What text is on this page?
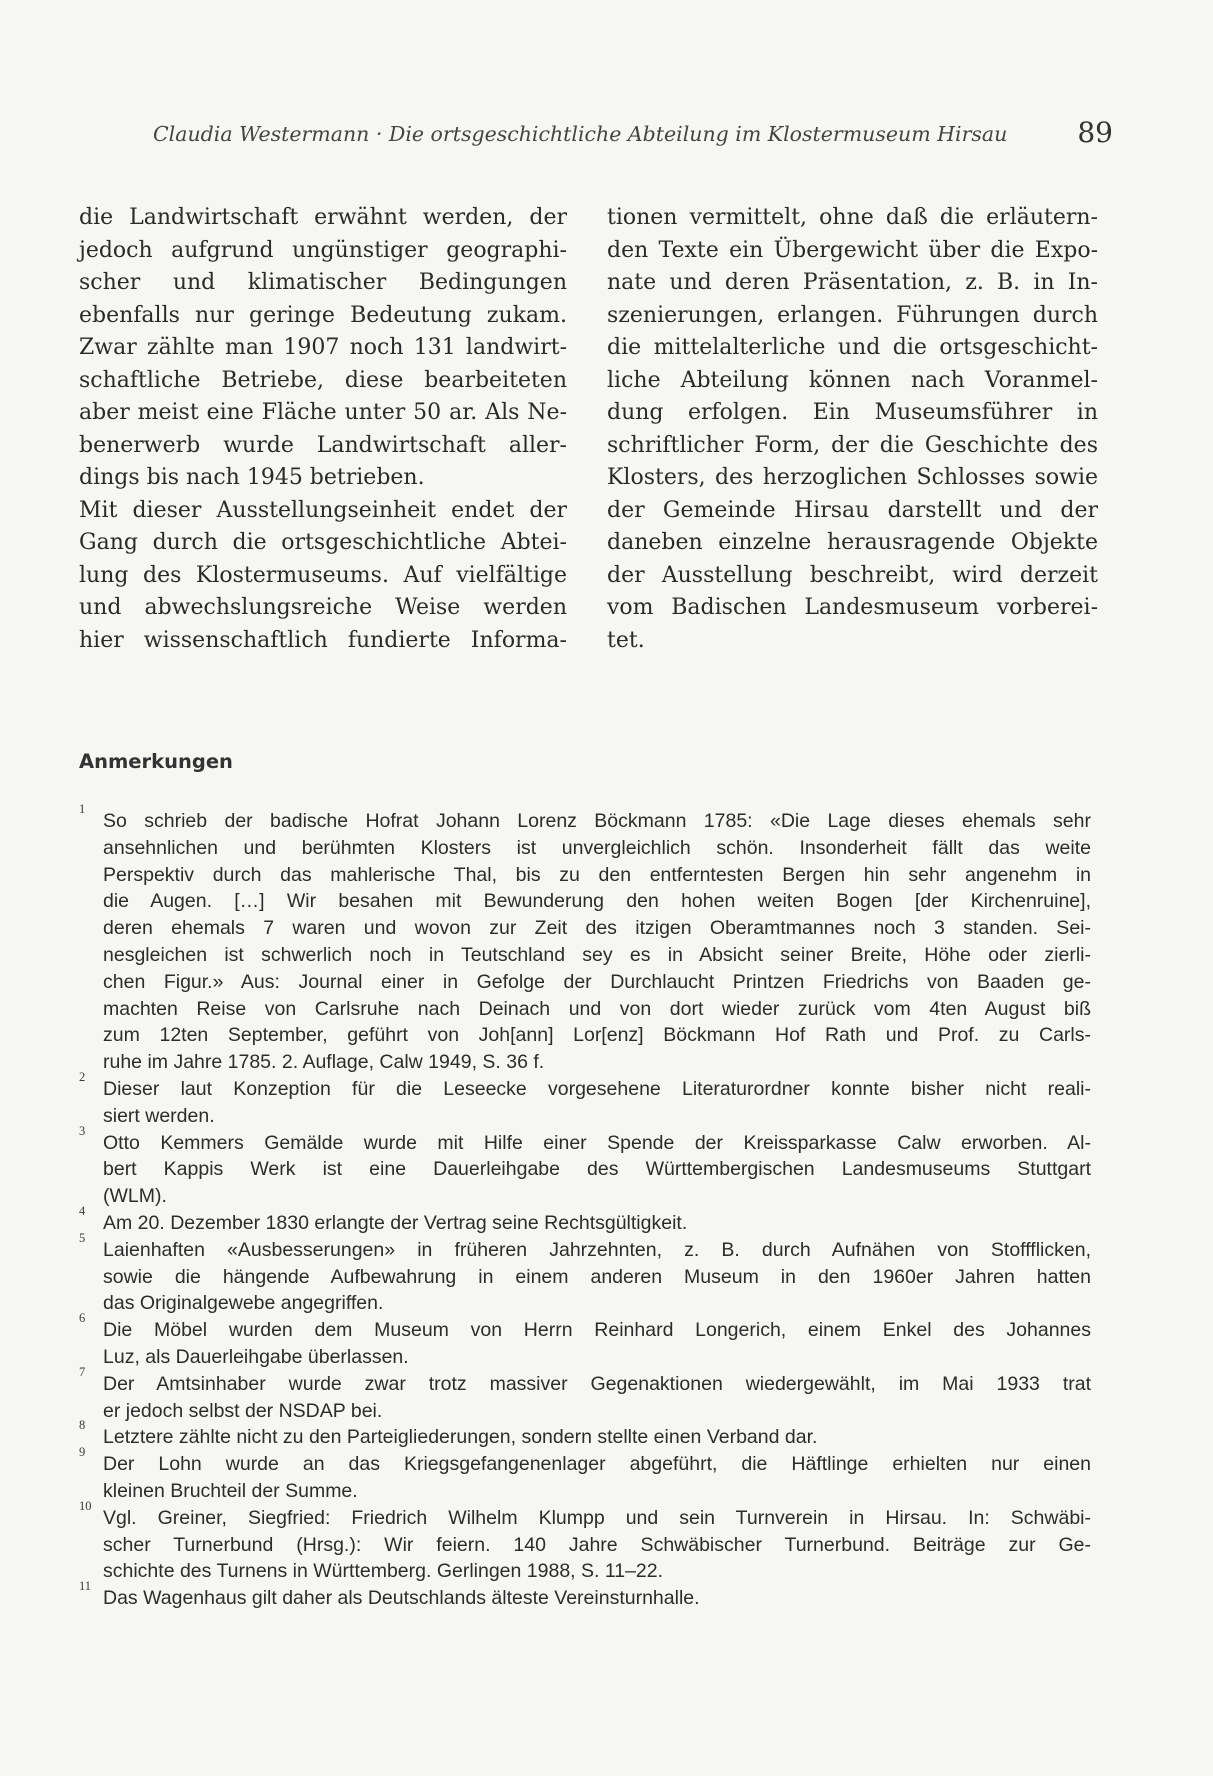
Claudia Westermann · Die ortsgeschichtliche Abteilung im Klostermuseum Hirsau	89
die Landwirtschaft erwähnt werden, der
jedoch aufgrund ungünstiger geographi-
scher und klimatischer Bedingungen
ebenfalls nur geringe Bedeutung zukam.
Zwar zählte man 1907 noch 131 landwirt-
schaftliche Betriebe, diese bearbeiteten
aber meist eine Fläche unter 50 ar. Als Ne-
benerwerb wurde Landwirtschaft aller-
dings bis nach 1945 betrieben.
Mit dieser Ausstellungseinheit endet der
Gang durch die ortsgeschichtliche Abtei-
lung des Klostermuseums. Auf vielfältige
und abwechslungsreiche Weise werden
hier wissenschaftlich fundierte Informa-
tionen vermittelt, ohne daß die erläutern-
den Texte ein Übergewicht über die Expo-
nate und deren Präsentation, z. B. in In-
szenierungen, erlangen. Führungen durch
die mittelalterliche und die ortsgeschicht-
liche Abteilung können nach Voranmel-
dung erfolgen. Ein Museumsführer in
schriftlicher Form, der die Geschichte des
Klosters, des herzoglichen Schlosses sowie
der Gemeinde Hirsau darstellt und der
daneben einzelne herausragende Objekte
der Ausstellung beschreibt, wird derzeit
vom Badischen Landesmuseum vorberei-
tet.
Anmerkungen
1
So schrieb der badische Hofrat Johann Lorenz Böckmann 1785: «Die Lage dieses ehemals sehr
ansehnlichen und berühmten Klosters ist unvergleichlich schön. Insonderheit fällt das weite
Perspektiv durch das mahlerische Thal, bis zu den entferntesten Bergen hin sehr angenehm in
die Augen. […] Wir besahen mit Bewunderung den hohen weiten Bogen [der Kirchenruine],
deren ehemals 7 waren und wovon zur Zeit des itzigen Oberamtmannes noch 3 standen. Sei-
nesgleichen ist schwerlich noch in Teutschland sey es in Absicht seiner Breite, Höhe oder zierli-
chen Figur.» Aus: Journal einer in Gefolge der Durchlaucht Printzen Friedrichs von Baaden ge-
machten Reise von Carlsruhe nach Deinach und von dort wieder zurück vom 4ten August biß
zum 12ten September, geführt von Joh[ann] Lor[enz] Böckmann Hof Rath und Prof. zu Carls-
ruhe im Jahre 1785. 2. Auflage, Calw 1949, S. 36 f.
2
Dieser laut Konzeption für die Leseecke vorgesehene Literaturordner konnte bisher nicht reali-
siert werden.
3
Otto Kemmers Gemälde wurde mit Hilfe einer Spende der Kreissparkasse Calw erworben. Al-
bert Kappis Werk ist eine Dauerleihgabe des Württembergischen Landesmuseums Stuttgart
(WLM).
4
Am 20. Dezember 1830 erlangte der Vertrag seine Rechtsgültigkeit.
5
Laienhaften «Ausbesserungen» in früheren Jahrzehnten, z. B. durch Aufnähen von Stoffflicken,
sowie die hängende Aufbewahrung in einem anderen Museum in den 1960er Jahren hatten
das Originalgewebe angegriffen.
6
Die Möbel wurden dem Museum von Herrn Reinhard Longerich, einem Enkel des Johannes
Luz, als Dauerleihgabe überlassen.
7
Der Amtsinhaber wurde zwar trotz massiver Gegenaktionen wiedergewählt, im Mai 1933 trat
er jedoch selbst der NSDAP bei.
8
Letztere zählte nicht zu den Parteigliederungen, sondern stellte einen Verband dar.
9
Der Lohn wurde an das Kriegsgefangenenlager abgeführt, die Häftlinge erhielten nur einen
kleinen Bruchteil der Summe.
10
Vgl. Greiner, Siegfried: Friedrich Wilhelm Klumpp und sein Turnverein in Hirsau. In: Schwäbi-
scher Turnerbund (Hrsg.): Wir feiern. 140 Jahre Schwäbischer Turnerbund. Beiträge zur Ge-
schichte des Turnens in Württemberg. Gerlingen 1988, S. 11–22.
11
Das Wagenhaus gilt daher als Deutschlands älteste Vereinsturnhalle.
